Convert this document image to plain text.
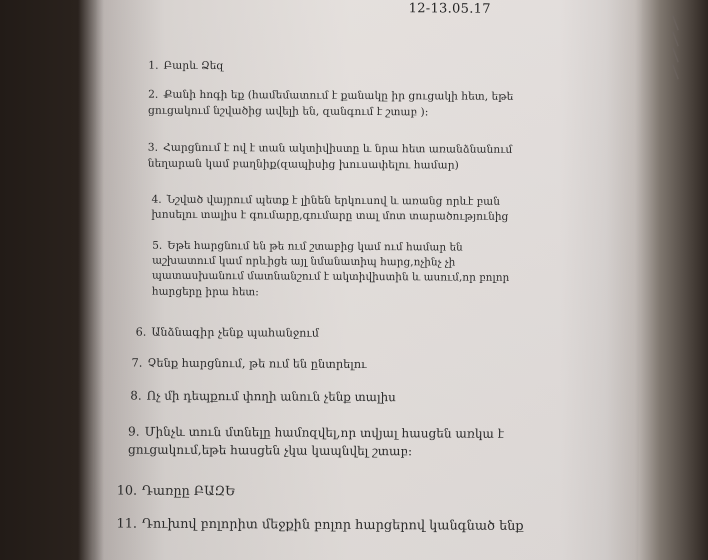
12-13.05.17
1. Բարև Ձեզ
2. Քանի հոգի եք (համեմատում է քանակը իր ցուցակի հետ, եթե
ցուցակում նշվածից ավելի են, զանգում է շտաբ ):
3. Հարցնում է ով է տան ակտիվիստը և նրա հետ առանձնանում
նեղարան կամ բաղնիք(զապիսից խուսափելու համար)
4. Նշված վայրում պետք է լինեն երկուսով և առանց որևէ բան
խոսելու տալիս է գումարը,գումարը տալ մոտ տարածությունից
5. Եթե հարցնում են թե ում շտաբից կամ ում համար են
աշխատում կամ որևիցե այլ նմանատիպ հարց,ոչինչ չի
պատասխանում մատնանշում է ակտիվիստին և ասում,որ բոլոր
հարցերը իրա հետ:
6. Անձնագիր չենք պահանջում
7. Չենք հարցնում, թե ում են ընտրելու
8. Ոչ մի դեպքում փողի անուն չենք տալիս
9. Մինչև տուն մտնելը համոզվել,որ տվյալ հասցեն առկա է
ցուցակում,եթե հասցեն չկա կապնվել շտաբ:
10. Դառըը ԲԱԶԵ
11. Դուխով բոլորիտ մեջքին բոլոր հարցերով կանգնած ենք
/
/
/
/
